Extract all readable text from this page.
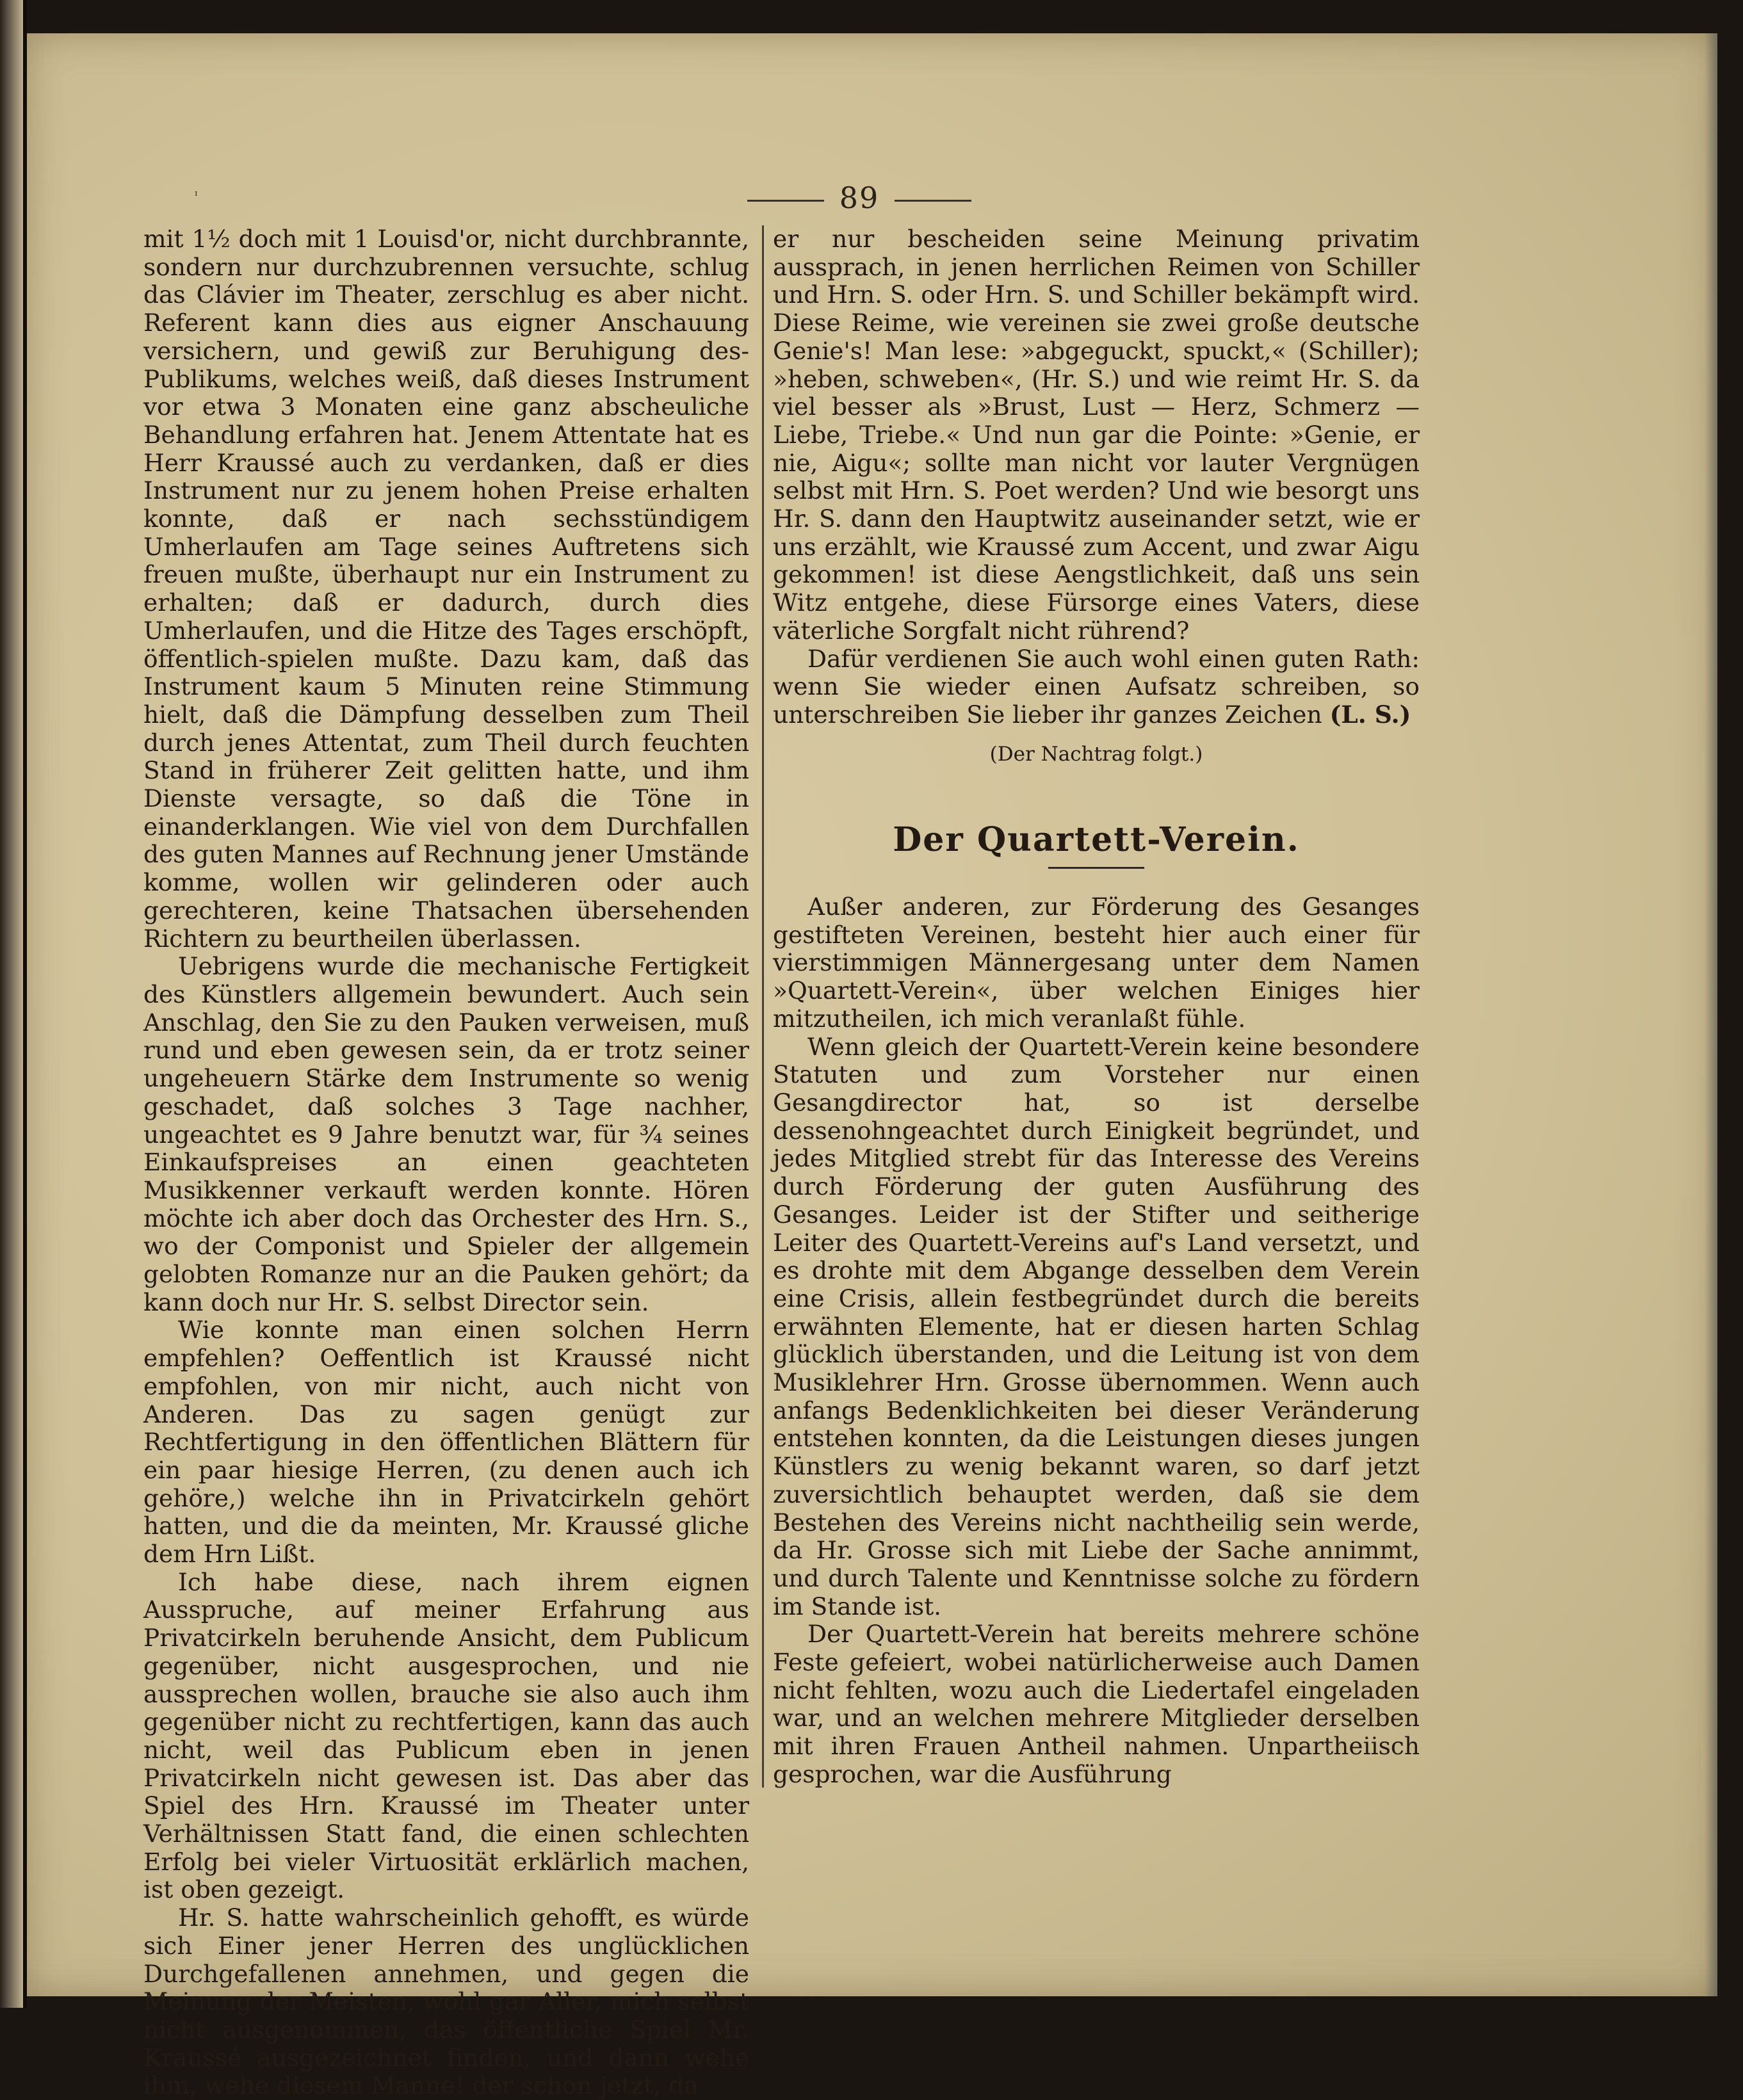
ᶦ	89

mit 1½ doch mit 1 Louisd'or, nicht durchbrannte, sondern nur durchzubrennen versuchte, schlug das Clávier im Theater, zerschlug es aber nicht. Referent kann dies aus eigner Anschauung versichern, und gewiß zur Beruhigung des-Publikums, welches weiß, daß dieses Instrument vor etwa 3 Monaten eine ganz abscheuliche Behandlung erfahren hat. Jenem Attentate hat es Herr Kraussé auch zu verdanken, daß er dies Instrument nur zu jenem hohen Preise erhalten konnte, daß er nach sechsstündigem Umherlaufen am Tage seines Auftretens sich freuen mußte, überhaupt nur ein Instrument zu erhalten; daß er dadurch, durch dies Umherlaufen, und die Hitze des Tages erschöpft, öffentlich-spielen mußte. Dazu kam, daß das Instrument kaum 5 Minuten reine Stimmung hielt, daß die Dämpfung desselben zum Theil durch jenes Attentat, zum Theil durch feuchten Stand in früherer Zeit gelitten hatte, und ihm Dienste versagte, so daß die Töne in einanderklangen. Wie viel von dem Durchfallen des guten Mannes auf Rechnung jener Umstände komme, wollen wir gelinderen oder auch gerechteren, keine Thatsachen übersehenden Richtern zu beurtheilen überlassen.

Uebrigens wurde die mechanische Fertigkeit des Künstlers allgemein bewundert. Auch sein Anschlag, den Sie zu den Pauken verweisen, muß rund und eben gewesen sein, da er trotz seiner ungeheuern Stärke dem Instrumente so wenig geschadet, daß solches 3 Tage nachher, ungeachtet es 9 Jahre benutzt war, für ¾ seines Einkaufspreises an einen geachteten Musikkenner verkauft werden konnte. Hören möchte ich aber doch das Orchester des Hrn. S., wo der Componist und Spieler der allgemein gelobten Romanze nur an die Pauken gehört; da kann doch nur Hr. S. selbst Director sein.

Wie konnte man einen solchen Herrn empfehlen? Oeffentlich ist Kraussé nicht empfohlen, von mir nicht, auch nicht von Anderen. Das zu sagen genügt zur Rechtfertigung in den öffentlichen Blättern für ein paar hiesige Herren, (zu denen auch ich gehöre,) welche ihn in Privatcirkeln gehört hatten, und die da meinten, Mr. Kraussé gliche dem Hrn Lißt.

Ich habe diese, nach ihrem eignen Ausspruche, auf meiner Erfahrung aus Privatcirkeln beruhende Ansicht, dem Publicum gegenüber, nicht ausgesprochen, und nie aussprechen wollen, brauche sie also auch ihm gegenüber nicht zu rechtfertigen, kann das auch nicht, weil das Publicum eben in jenen Privatcirkeln nicht gewesen ist. Das aber das Spiel des Hrn. Kraussé im Theater unter Verhältnissen Statt fand, die einen schlechten Erfolg bei vieler Virtuosität erklärlich machen, ist oben gezeigt.

Hr. S. hatte wahrscheinlich gehofft, es würde sich Einer jener Herren des unglücklichen Durchgefallenen annehmen, und gegen die Meinung der Meisten, wohl gar Aller, mich selbst nicht ausgenommen, das öffentliche Spiel Mr. Kraussé ausgezeichnet finden, und dann wehe ihm, wehe diesem Manne! der schon jetzt, da

er nur bescheiden seine Meinung privatim aussprach, in jenen herrlichen Reimen von Schiller und Hrn. S. oder Hrn. S. und Schiller bekämpft wird. Diese Reime, wie vereinen sie zwei große deutsche Genie's! Man lese: »abgeguckt, spuckt,« (Schiller); »heben, schweben«, (Hr. S.) und wie reimt Hr. S. da viel besser als »Brust, Lust — Herz, Schmerz — Liebe, Triebe.« Und nun gar die Pointe: »Genie, er nie, Aigu«; sollte man nicht vor lauter Vergnügen selbst mit Hrn. S. Poet werden? Und wie besorgt uns Hr. S. dann den Hauptwitz auseinander setzt, wie er uns erzählt, wie Kraussé zum Accent, und zwar Aigu gekommen! ist diese Aengstlichkeit, daß uns sein Witz entgehe, diese Fürsorge eines Vaters, diese väterliche Sorgfalt nicht rührend?

Dafür verdienen Sie auch wohl einen guten Rath: wenn Sie wieder einen Aufsatz schreiben, so unterschreiben Sie lieber ihr ganzes Zeichen (L. S.)

(Der Nachtrag folgt.)

Der Quartett-Verein.

Außer anderen, zur Förderung des Gesanges gestifteten Vereinen, besteht hier auch einer für vierstimmigen Männergesang unter dem Namen »Quartett-Verein«, über welchen Einiges hier mitzutheilen, ich mich veranlaßt fühle.

Wenn gleich der Quartett-Verein keine besondere Statuten und zum Vorsteher nur einen Gesangdirector hat, so ist derselbe dessenohngeachtet durch Einigkeit begründet, und jedes Mitglied strebt für das Interesse des Vereins durch Förderung der guten Ausführung des Gesanges. Leider ist der Stifter und seitherige Leiter des Quartett-Vereins auf's Land versetzt, und es drohte mit dem Abgange desselben dem Verein eine Crisis, allein festbegründet durch die bereits erwähnten Elemente, hat er diesen harten Schlag glücklich überstanden, und die Leitung ist von dem Musiklehrer Hrn. Grosse übernommen. Wenn auch anfangs Bedenklichkeiten bei dieser Veränderung entstehen konnten, da die Leistungen dieses jungen Künstlers zu wenig bekannt waren, so darf jetzt zuversichtlich behauptet werden, daß sie dem Bestehen des Vereins nicht nachtheilig sein werde, da Hr. Grosse sich mit Liebe der Sache annimmt, und durch Talente und Kenntnisse solche zu fördern im Stande ist.

Der Quartett-Verein hat bereits mehrere schöne Feste gefeiert, wobei natürlicherweise auch Damen nicht fehlten, wozu auch die Liedertafel eingeladen war, und an welchen mehrere Mitglieder derselben mit ihren Frauen Antheil nahmen. Unpartheiisch gesprochen, war die Ausführung
